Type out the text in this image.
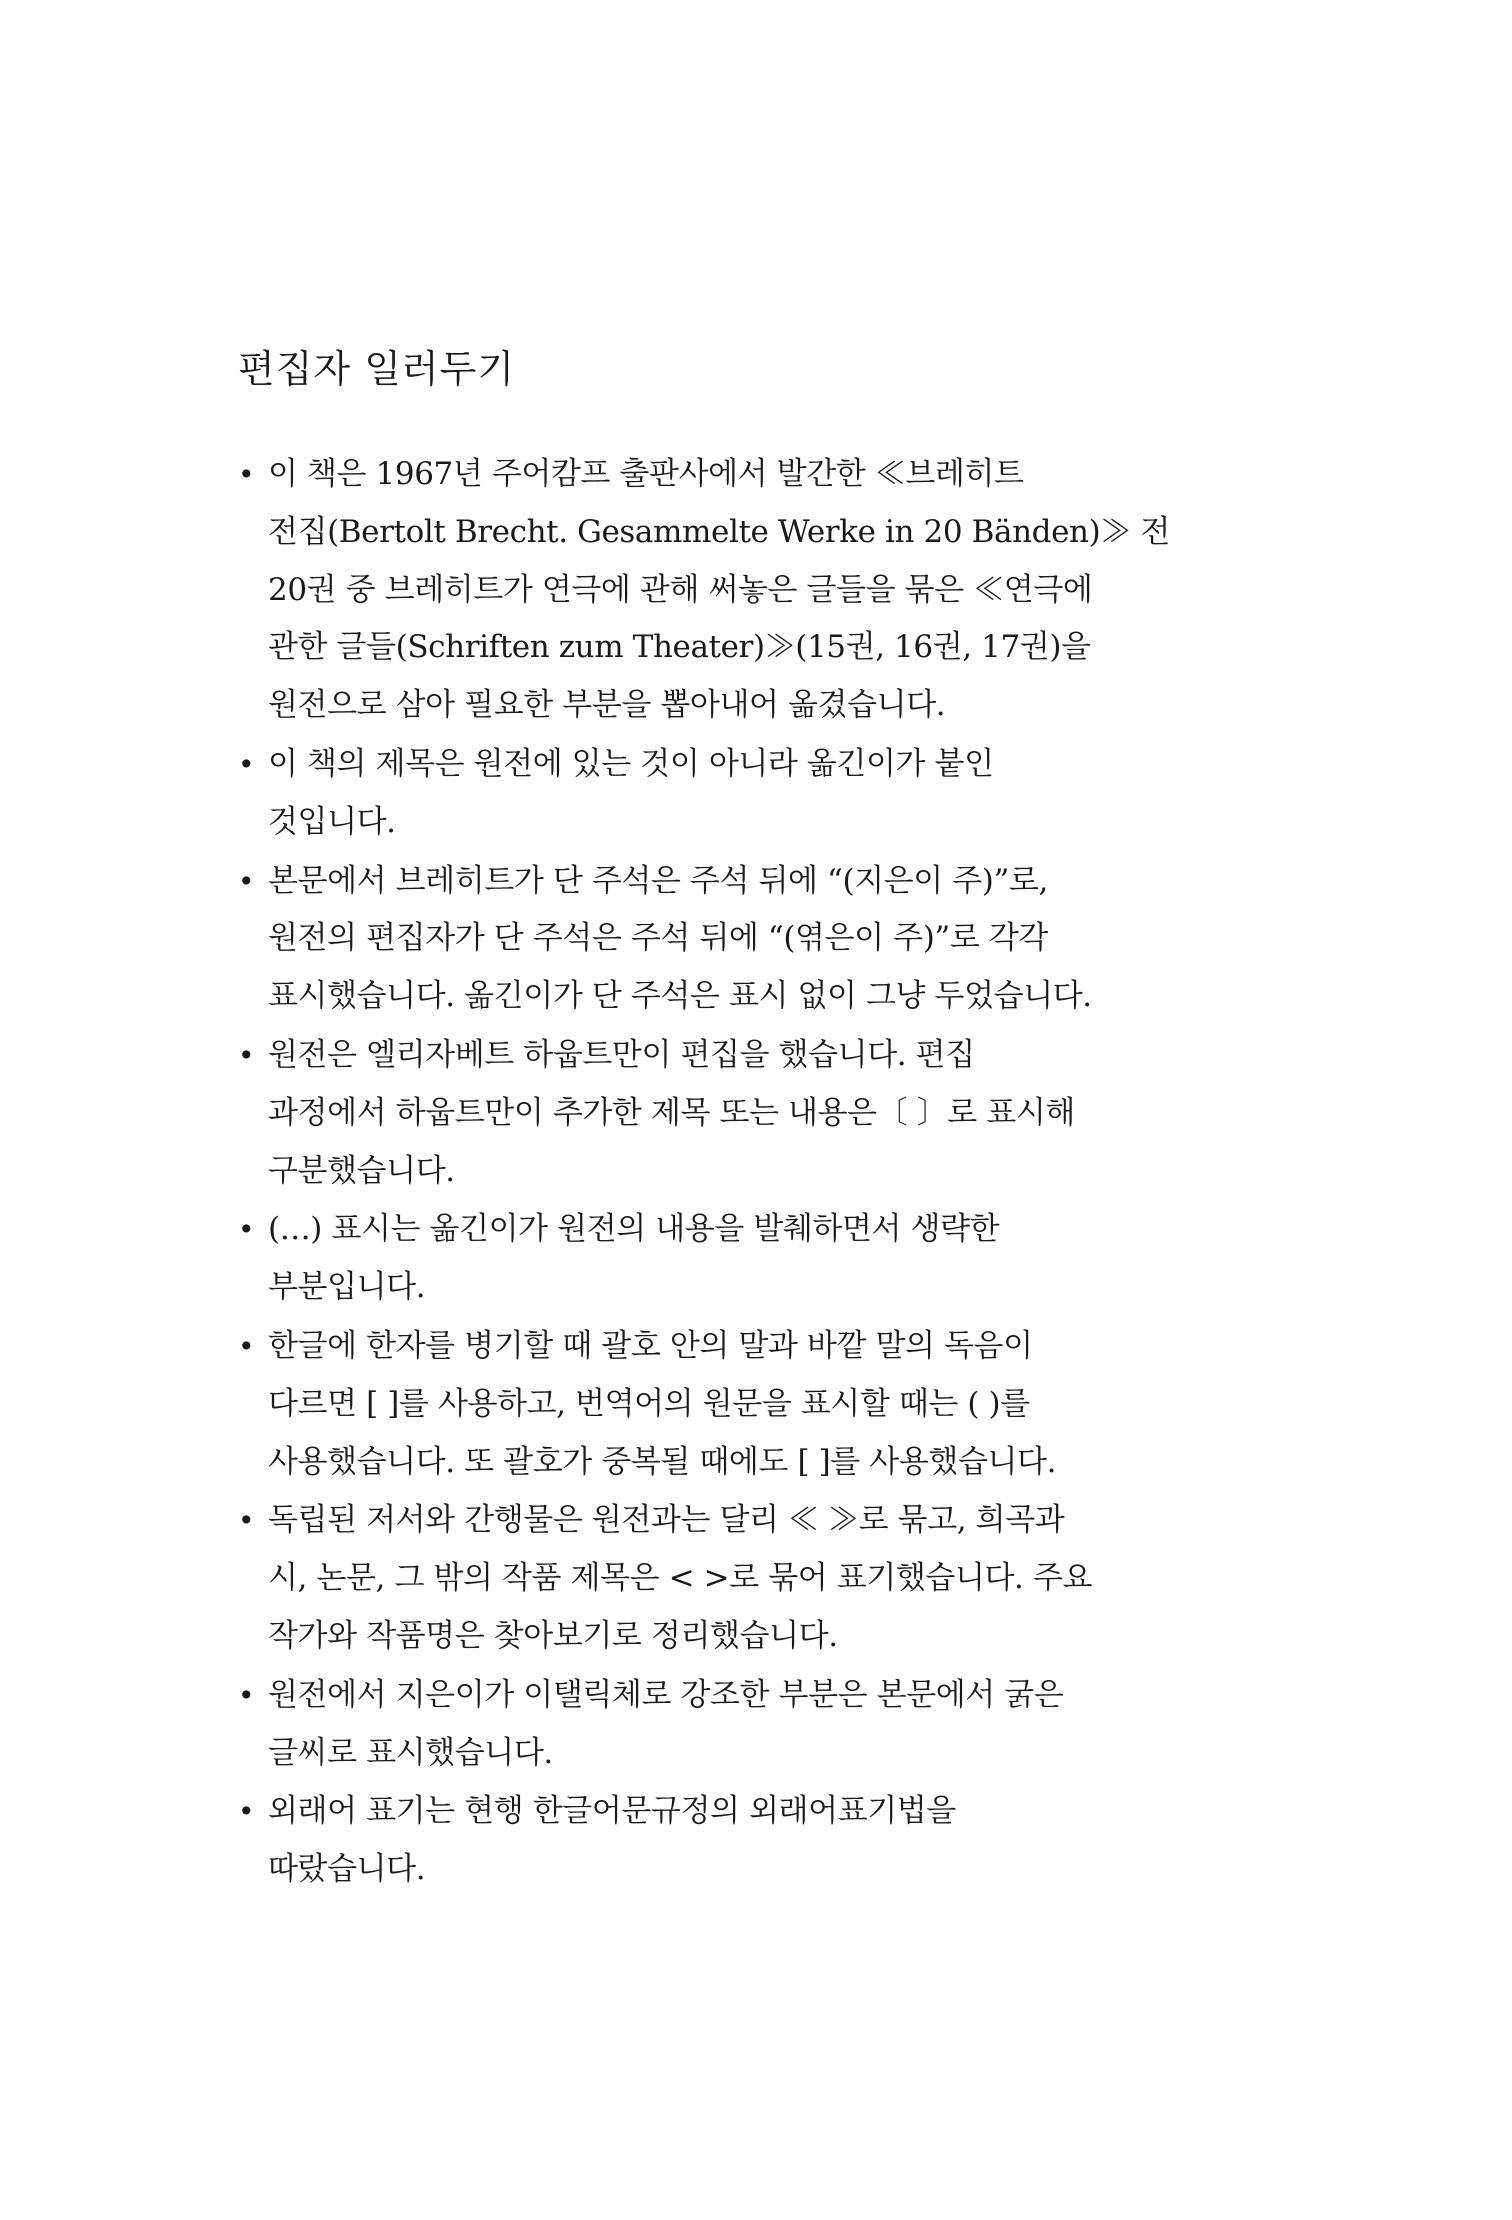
편집자 일러두기
• 이 책은 1967년 주어캄프 출판사에서 발간한 ≪브레히트
전집(Bertolt Brecht. Gesammelte Werke in 20 Bänden)≫ 전
20권 중 브레히트가 연극에 관해 써놓은 글들을 묶은 ≪연극에
관한 글들(Schriften zum Theater)≫(15권, 16권, 17권)을
원전으로 삼아 필요한 부분을 뽑아내어 옮겼습니다.
• 이 책의 제목은 원전에 있는 것이 아니라 옮긴이가 붙인
것입니다.
• 본문에서 브레히트가 단 주석은 주석 뒤에 “(지은이 주)”로,
원전의 편집자가 단 주석은 주석 뒤에 “(엮은이 주)”로 각각
표시했습니다. 옮긴이가 단 주석은 표시 없이 그냥 두었습니다.
• 원전은 엘리자베트 하웁트만이 편집을 했습니다. 편집
과정에서 하웁트만이 추가한 제목 또는 내용은〔 〕로 표시해
구분했습니다.
• (…) 표시는 옮긴이가 원전의 내용을 발췌하면서 생략한
부분입니다.
• 한글에 한자를 병기할 때 괄호 안의 말과 바깥 말의 독음이
다르면 [ ]를 사용하고, 번역어의 원문을 표시할 때는 ( )를
사용했습니다. 또 괄호가 중복될 때에도 [ ]를 사용했습니다.
• 독립된 저서와 간행물은 원전과는 달리 ≪ ≫로 묶고, 희곡과
시, 논문, 그 밖의 작품 제목은 < >로 묶어 표기했습니다. 주요
작가와 작품명은 찾아보기로 정리했습니다.
• 원전에서 지은이가 이탤릭체로 강조한 부분은 본문에서 굵은
글씨로 표시했습니다.
• 외래어 표기는 현행 한글어문규정의 외래어표기법을
따랐습니다.
